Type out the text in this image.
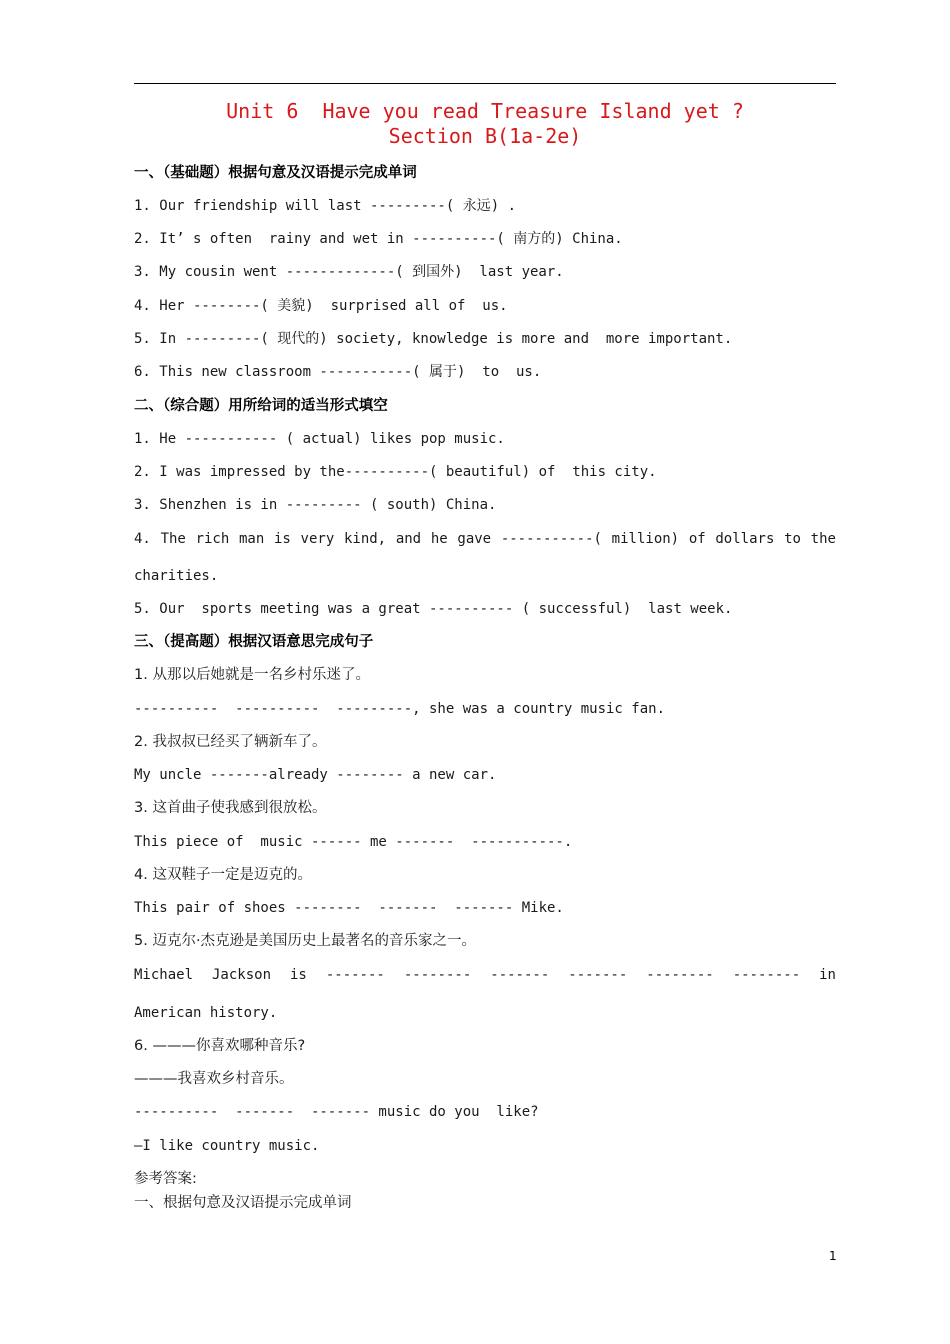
Unit 6  Have you read Treasure Island yet ?
Section B(1a-2e)
一、（基础题）根据句意及汉语提示完成单词
1. Our friendship will last ---------( 永远) .
2. It’ s often  rainy and wet in ----------( 南方的) China.
3. My cousin went -------------( 到国外)  last year.
4. Her --------( 美貌)  surprised all of  us.
5. In ---------( 现代的) society, knowledge is more and  more important.
6. This new classroom -----------( 属于)  to  us.
二、（综合题）用所给词的适当形式填空
1. He ----------- ( actual) likes pop music.
2. I was impressed by the----------( beautiful) of  this city.
3. Shenzhen is in --------- ( south) China.
4. The rich man is very kind, and he gave -----------( million) of dollars to the
charities.
5. Our  sports meeting was a great ---------- ( successful)  last week.
三、（提高题）根据汉语意思完成句子
1. 从那以后她就是一名乡村乐迷了。
----------  ----------  ---------, she was a country music fan.
2. 我叔叔已经买了辆新车了。
My uncle -------already -------- a new car.
3. 这首曲子使我感到很放松。
This piece of  music ------ me -------  -----------.
4. 这双鞋子一定是迈克的。
This pair of shoes --------  -------  ------- Mike.
5. 迈克尔·杰克逊是美国历史上最著名的音乐家之一。
Michael Jackson is ------- -------- ------- ------- -------- -------- in
American history.
6. ———你喜欢哪种音乐?
———我喜欢乡村音乐。
----------  -------  ------- music do you  like?
—I like country music.
参考答案:
一、根据句意及汉语提示完成单词
1
